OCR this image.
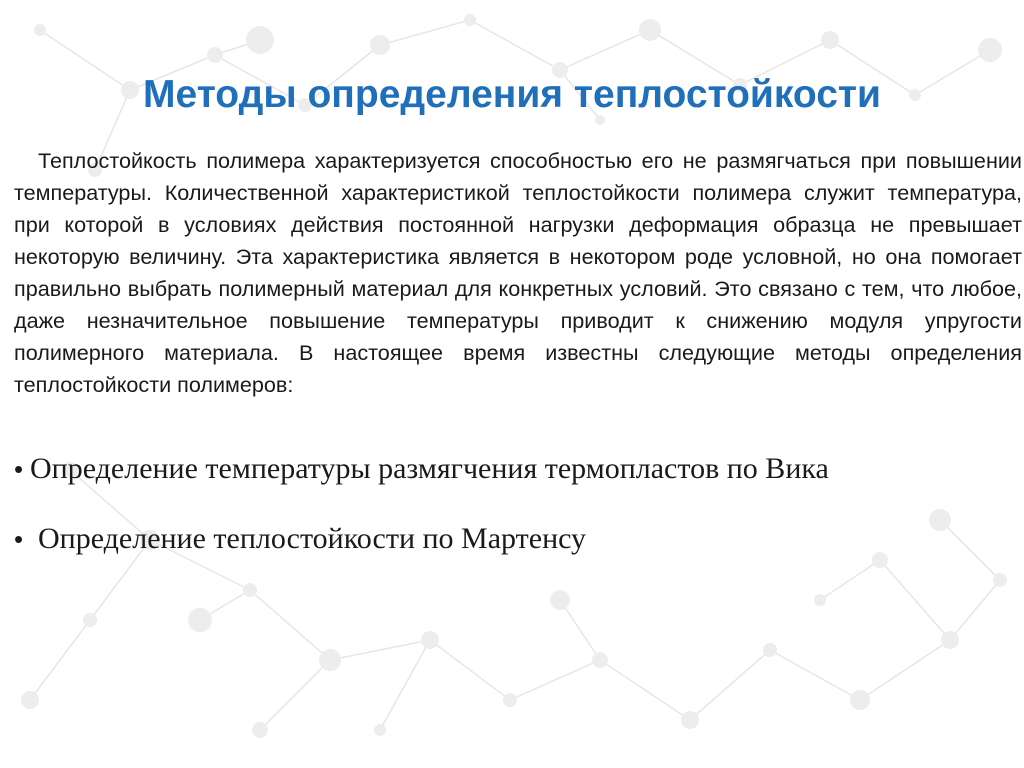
Методы определения теплостойкости

Теплостойкость полимера характеризуется способностью его не размягчаться при повышении температуры. Количественной характеристикой теплостойкости полимера служит температура, при которой в условиях действия постоянной нагрузки деформация образца не превышает некоторую величину. Эта характеристика является в некотором роде условной, но она помогает правильно выбрать полимерный материал для конкретных условий. Это связано с тем, что любое, даже незначительное повышение температуры приводит к снижению модуля упругости полимерного материала. В настоящее время известны следующие методы определения теплостойкости полимеров:

• Определение температуры размягчения термопластов по Вика
• Определение теплостойкости по Мартенсу
